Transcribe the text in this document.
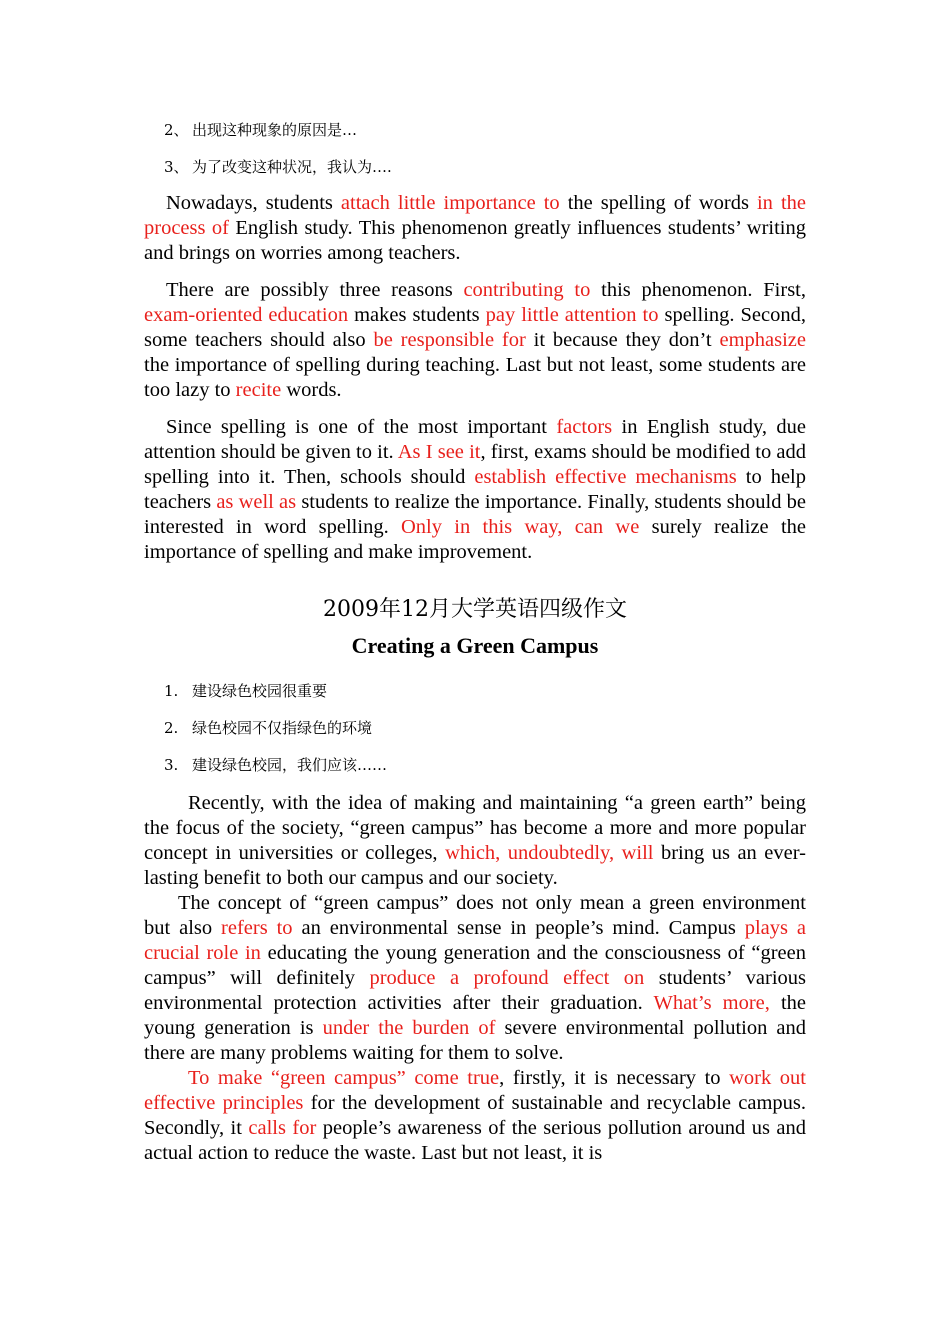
2、 出现这种现象的原因是…
3、 为了改变这种状况，我认为….

Nowadays, students attach little importance to the spelling of words in the process of English study. This phenomenon greatly influences students’ writing and brings on worries among teachers.

There are possibly three reasons contributing to this phenomenon. First, exam-oriented education makes students pay little attention to spelling. Second, some teachers should also be responsible for it because they don’t emphasize the importance of spelling during teaching. Last but not least, some students are too lazy to recite words.

Since spelling is one of the most important factors in English study, due attention should be given to it. As I see it, first, exams should be modified to add spelling into it. Then, schools should establish effective mechanisms to help teachers as well as students to realize the importance. Finally, students should be interested in word spelling. Only in this way, can we surely realize the importance of spelling and make improvement.

2009年12月大学英语四级作文
Creating a Green Campus
1. 建设绿色校园很重要
2. 绿色校园不仅指绿色的环境
3. 建设绿色校园，我们应该……

Recently, with the idea of making and maintaining “a green earth” being the focus of the society, “green campus” has become a more and more popular concept in universities or colleges, which, undoubtedly, will bring us an ever-lasting benefit to both our campus and our society.

The concept of “green campus” does not only mean a green environment but also refers to an environmental sense in people’s mind. Campus plays a crucial role in educating the young generation and the consciousness of “green campus” will definitely produce a profound effect on students’ various environmental protection activities after their graduation. What’s more, the young generation is under the burden of severe environmental pollution and there are many problems waiting for them to solve.

To make “green campus” come true, firstly, it is necessary to work out effective principles for the development of sustainable and recyclable campus. Secondly, it calls for people’s awareness of the serious pollution around us and actual action to reduce the waste. Last but not least, it is
